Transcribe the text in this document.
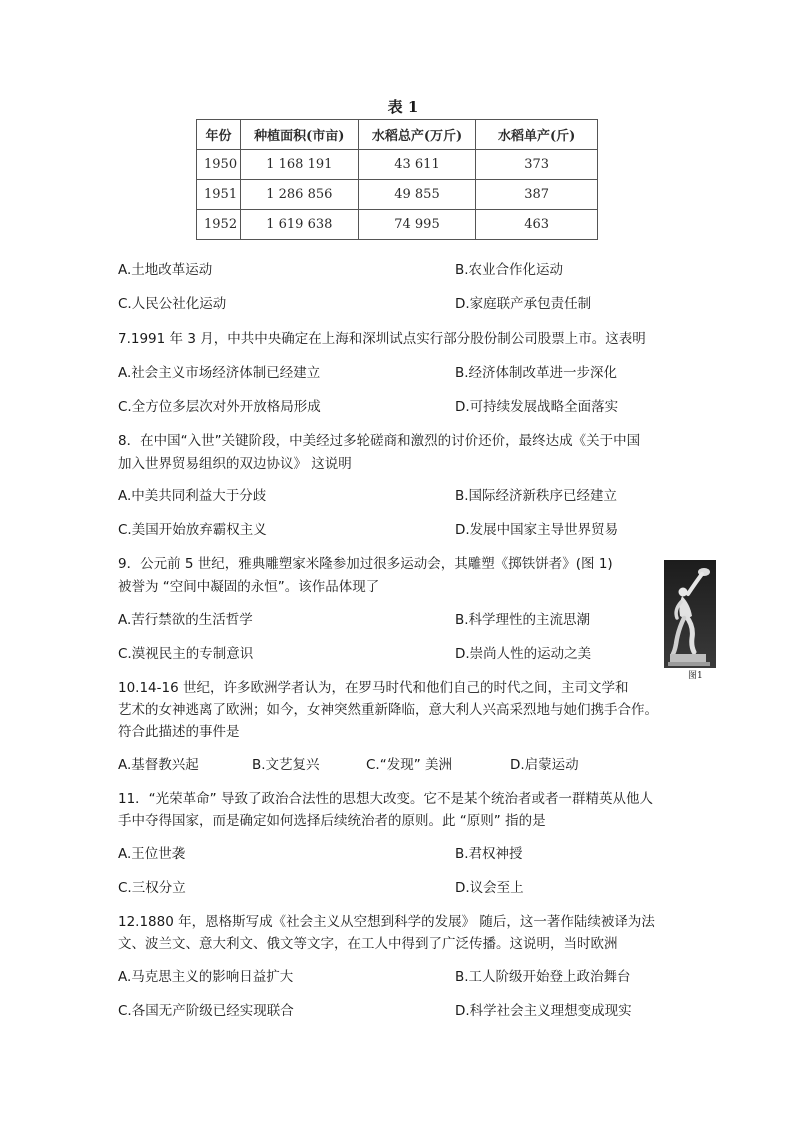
表 1
年份	种植面积(市亩)	水稻总产(万斤)	水稻单产(斤)
1950	1 168 191	43 611	373
1951	1 286 856	49 855	387
1952	1 619 638	74 995	463
A.土地改革运动	B.农业合作化运动
C.人民公社化运动	D.家庭联产承包责任制
7.1991 年 3 月，中共中央确定在上海和深圳试点实行部分股份制公司股票上市。这表明
A.社会主义市场经济体制已经建立	B.经济体制改革进一步深化
C.全方位多层次对外开放格局形成	D.可持续发展战略全面落实
8．在中国“入世”关键阶段，中美经过多轮磋商和激烈的讨价还价，最终达成《关于中国
加入世界贸易组织的双边协议》 这说明
A.中美共同利益大于分歧	B.国际经济新秩序已经建立
C.美国开始放弃霸权主义	D.发展中国家主导世界贸易
9．公元前 5 世纪，雅典雕塑家米隆参加过很多运动会，其雕塑《掷铁饼者》(图 1)
被誉为 “空间中凝固的永恒”。该作品体现了
A.苦行禁欲的生活哲学	B.科学理性的主流思潮
C.漠视民主的专制意识	D.崇尚人性的运动之美
图1
10.14-16 世纪，许多欧洲学者认为，在罗马时代和他们自己的时代之间，主司文学和
艺术的女神逃离了欧洲；如今，女神突然重新降临，意大利人兴高采烈地与她们携手合作。
符合此描述的事件是
A.基督教兴起	B.文艺复兴	C.“发现” 美洲	D.启蒙运动
11．“光荣革命” 导致了政治合法性的思想大改变。它不是某个统治者或者一群精英从他人
手中夺得国家，而是确定如何选择后续统治者的原则。此 “原则” 指的是
A.王位世袭	B.君权神授
C.三权分立	D.议会至上
12.1880 年，恩格斯写成《社会主义从空想到科学的发展》 随后，这一著作陆续被译为法
文、波兰文、意大利文、俄文等文字，在工人中得到了广泛传播。这说明，当时欧洲
A.马克思主义的影响日益扩大	B.工人阶级开始登上政治舞台
C.各国无产阶级已经实现联合	D.科学社会主义理想变成现实
